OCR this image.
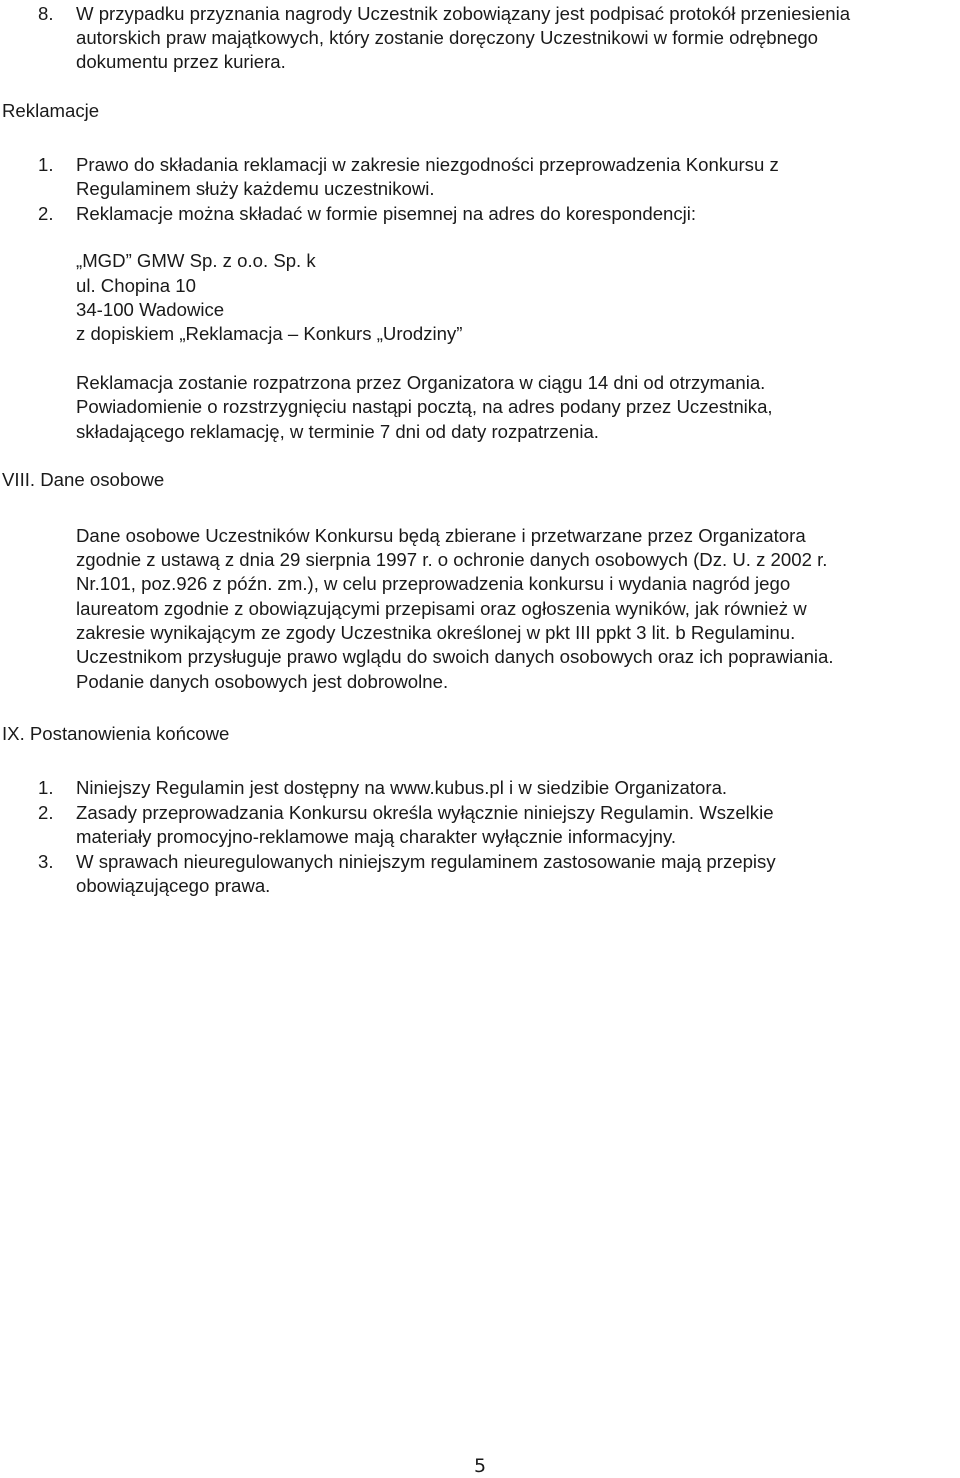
8. W przypadku przyznania nagrody Uczestnik zobowiązany jest podpisać protokół przeniesienia
autorskich praw majątkowych, który zostanie doręczony Uczestnikowi w formie odrębnego
dokumentu przez kuriera.
Reklamacje
1. Prawo do składania reklamacji w zakresie niezgodności przeprowadzenia Konkursu z
Regulaminem służy każdemu uczestnikowi.
2. Reklamacje można składać w formie pisemnej na adres do korespondencji:
„MGD” GMW Sp. z o.o. Sp. k
ul. Chopina 10
34-100 Wadowice
z dopiskiem „Reklamacja – Konkurs „Urodziny”
Reklamacja zostanie rozpatrzona przez Organizatora w ciągu 14 dni od otrzymania.
Powiadomienie o rozstrzygnięciu nastąpi pocztą, na adres podany przez Uczestnika,
składającego reklamację, w terminie 7 dni od daty rozpatrzenia.
VIII. Dane osobowe
Dane osobowe Uczestników Konkursu będą zbierane i przetwarzane przez Organizatora
zgodnie z ustawą z dnia 29 sierpnia 1997 r. o ochronie danych osobowych (Dz. U. z 2002 r.
Nr.101, poz.926 z późn. zm.), w celu przeprowadzenia konkursu i wydania nagród jego
laureatom zgodnie z obowiązującymi przepisami oraz ogłoszenia wyników, jak również w
zakresie wynikającym ze zgody Uczestnika określonej w pkt III ppkt 3 lit. b Regulaminu.
Uczestnikom przysługuje prawo wglądu do swoich danych osobowych oraz ich poprawiania.
Podanie danych osobowych jest dobrowolne.
IX. Postanowienia końcowe
1. Niniejszy Regulamin jest dostępny na www.kubus.pl i w siedzibie Organizatora.
2. Zasady przeprowadzania Konkursu określa wyłącznie niniejszy Regulamin. Wszelkie
materiały promocyjno-reklamowe mają charakter wyłącznie informacyjny.
3. W sprawach nieuregulowanych niniejszym regulaminem zastosowanie mają przepisy
obowiązującego prawa.
5
